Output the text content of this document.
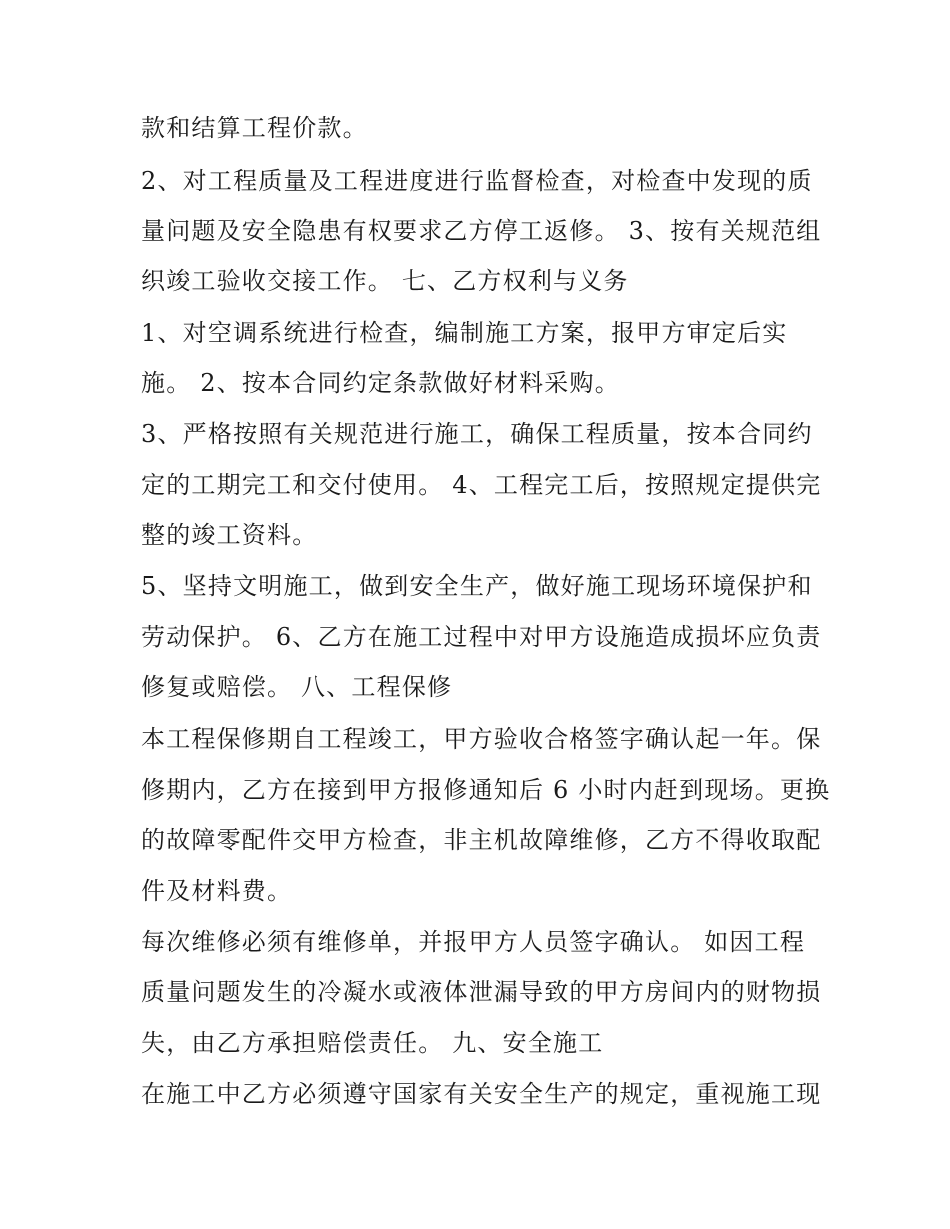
款和结算工程价款。
2、对工程质量及工程进度进行监督检查，对检查中发现的质
量问题及安全隐患有权要求乙方停工返修。 3、按有关规范组
织竣工验收交接工作。 七、乙方权利与义务
1、对空调系统进行检查，编制施工方案，报甲方审定后实
施。 2、按本合同约定条款做好材料采购。
3、严格按照有关规范进行施工，确保工程质量，按本合同约
定的工期完工和交付使用。 4、工程完工后，按照规定提供完
整的竣工资料。
5、坚持文明施工，做到安全生产，做好施工现场环境保护和
劳动保护。 6、乙方在施工过程中对甲方设施造成损坏应负责
修复或赔偿。 八、工程保修
本工程保修期自工程竣工，甲方验收合格签字确认起一年。保
修期内，乙方在接到甲方报修通知后 6 小时内赶到现场。更换
的故障零配件交甲方检查，非主机故障维修，乙方不得收取配
件及材料费。
每次维修必须有维修单，并报甲方人员签字确认。 如因工程
质量问题发生的冷凝水或液体泄漏导致的甲方房间内的财物损
失，由乙方承担赔偿责任。 九、安全施工
在施工中乙方必须遵守国家有关安全生产的规定，重视施工现
